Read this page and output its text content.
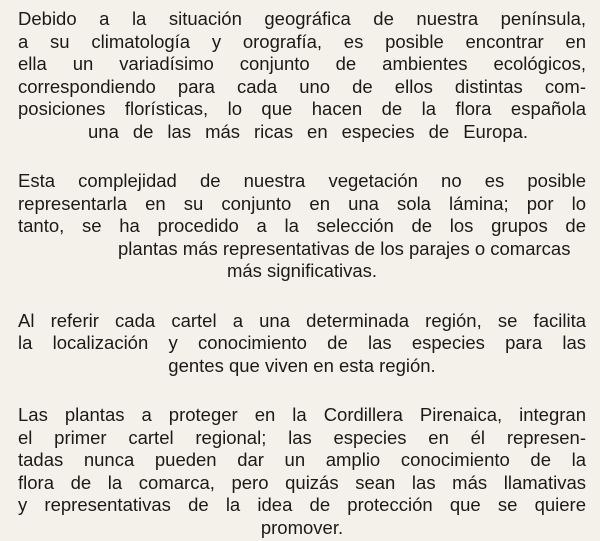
Debido a la situación geográfica de nuestra península,
a su climatología y orografía, es posible encontrar en
ella un variadísimo conjunto de ambientes ecológicos,
correspondiendo para cada uno de ellos distintas com-
posiciones florísticas, lo que hacen de la flora española
una de las más ricas en especies de Europa.

Esta complejidad de nuestra vegetación no es posible
representarla en su conjunto en una sola lámina; por lo
tanto, se ha procedido a la selección de los grupos de
plantas más representativas de los parajes o comarcas
más significativas.

Al referir cada cartel a una determinada región, se facilita
la localización y conocimiento de las especies para las
gentes que viven en esta región.

Las plantas a proteger en la Cordillera Pirenaica, integran
el primer cartel regional; las especies en él represen-
tadas nunca pueden dar un amplio conocimiento de la
flora de la comarca, pero quizás sean las más llamativas
y representativas de la idea de protección que se quiere
promover.
